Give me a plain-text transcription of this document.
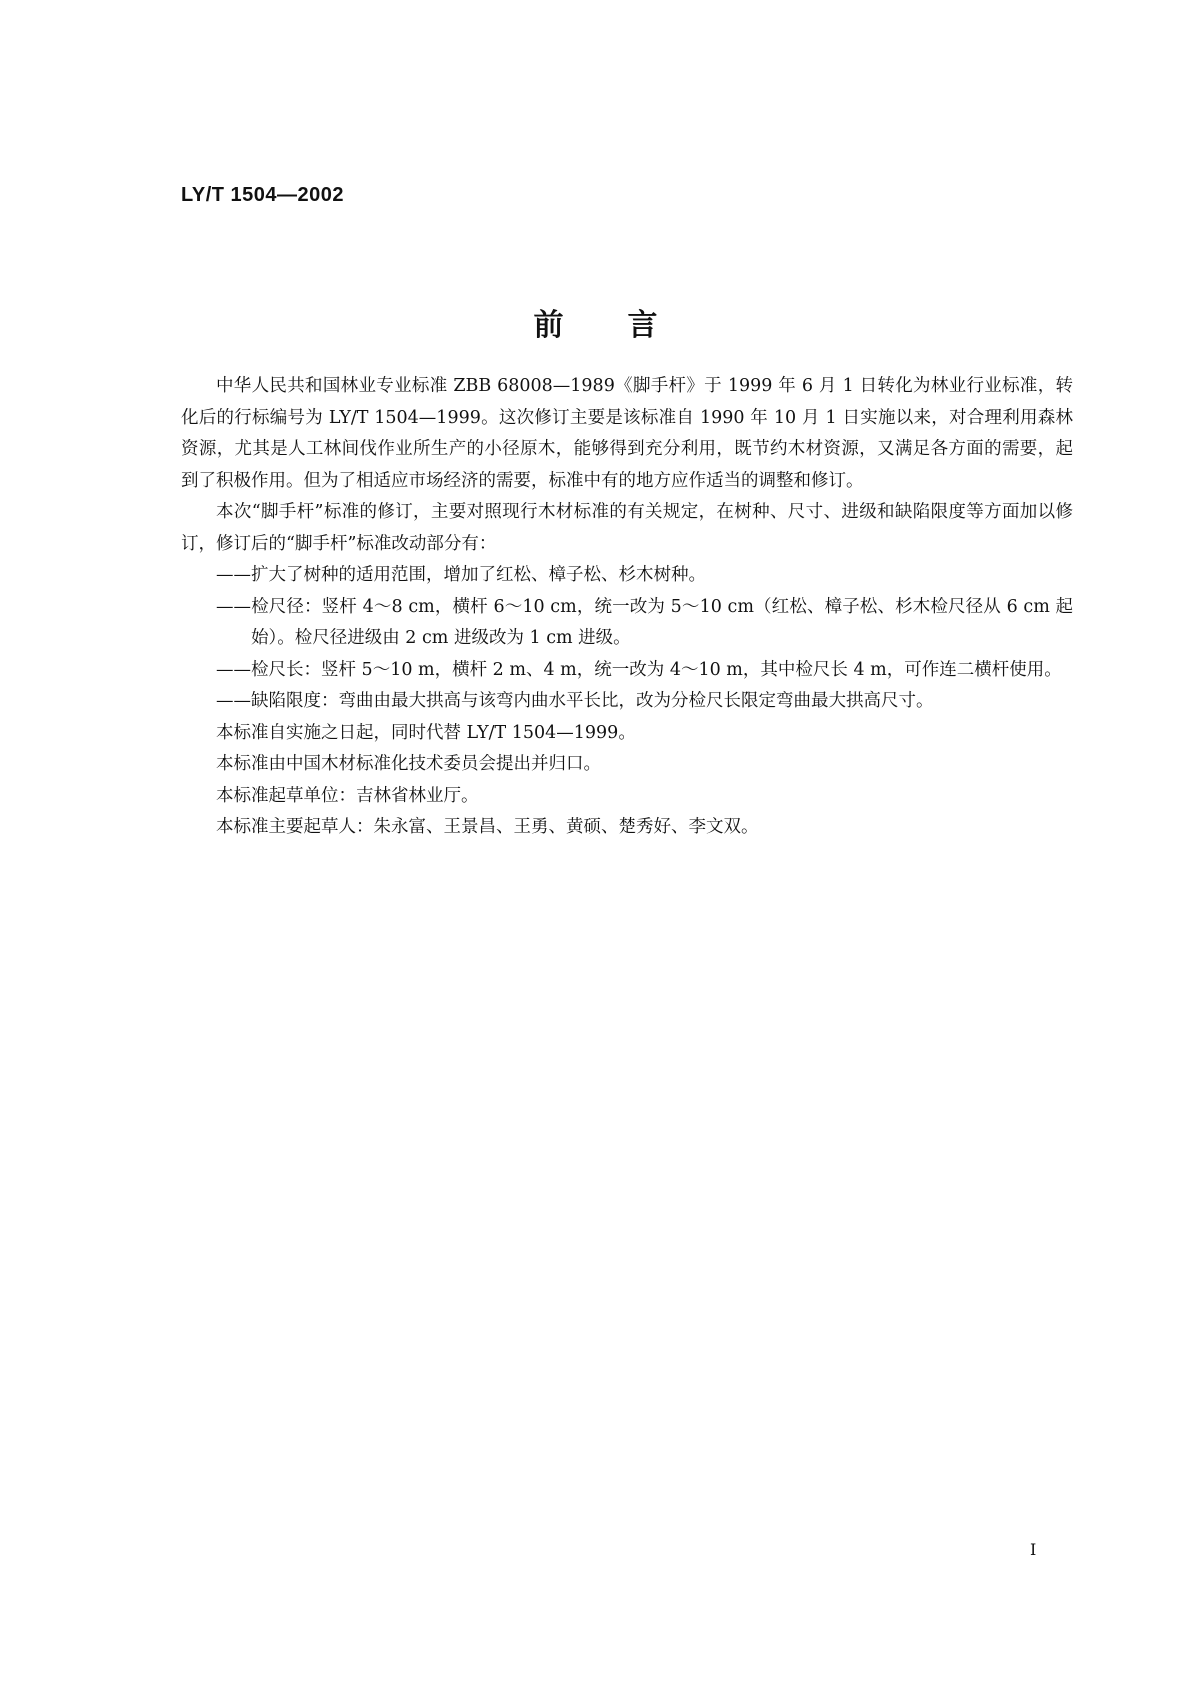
LY/T 1504—2002
前言

中华人民共和国林业专业标准 ZBB 68008—1989《脚手杆》于 1999 年 6 月 1 日转化为林业行业标准，转化后的行标编号为 LY/T 1504—1999。这次修订主要是该标准自 1990 年 10 月 1 日实施以来，对合理利用森林资源，尤其是人工林间伐作业所生产的小径原木，能够得到充分利用，既节约木材资源，又满足各方面的需要，起到了积极作用。但为了相适应市场经济的需要，标准中有的地方应作适当的调整和修订。

本次“脚手杆”标准的修订，主要对照现行木材标准的有关规定，在树种、尺寸、进级和缺陷限度等方面加以修订，修订后的“脚手杆”标准改动部分有：

——扩大了树种的适用范围，增加了红松、樟子松、杉木树种。

——检尺径：竖杆 4～8 cm，横杆 6～10 cm，统一改为 5～10 cm（红松、樟子松、杉木检尺径从 6 cm 起始）。检尺径进级由 2 cm 进级改为 1 cm 进级。

——检尺长：竖杆 5～10 m，横杆 2 m、4 m，统一改为 4～10 m，其中检尺长 4 m，可作连二横杆使用。

——缺陷限度：弯曲由最大拱高与该弯内曲水平长比，改为分检尺长限定弯曲最大拱高尺寸。

本标准自实施之日起，同时代替 LY/T 1504—1999。

本标准由中国木材标准化技术委员会提出并归口。

本标准起草单位：吉林省林业厅。

本标准主要起草人：朱永富、王景昌、王勇、黄硕、楚秀好、李文双。

I
